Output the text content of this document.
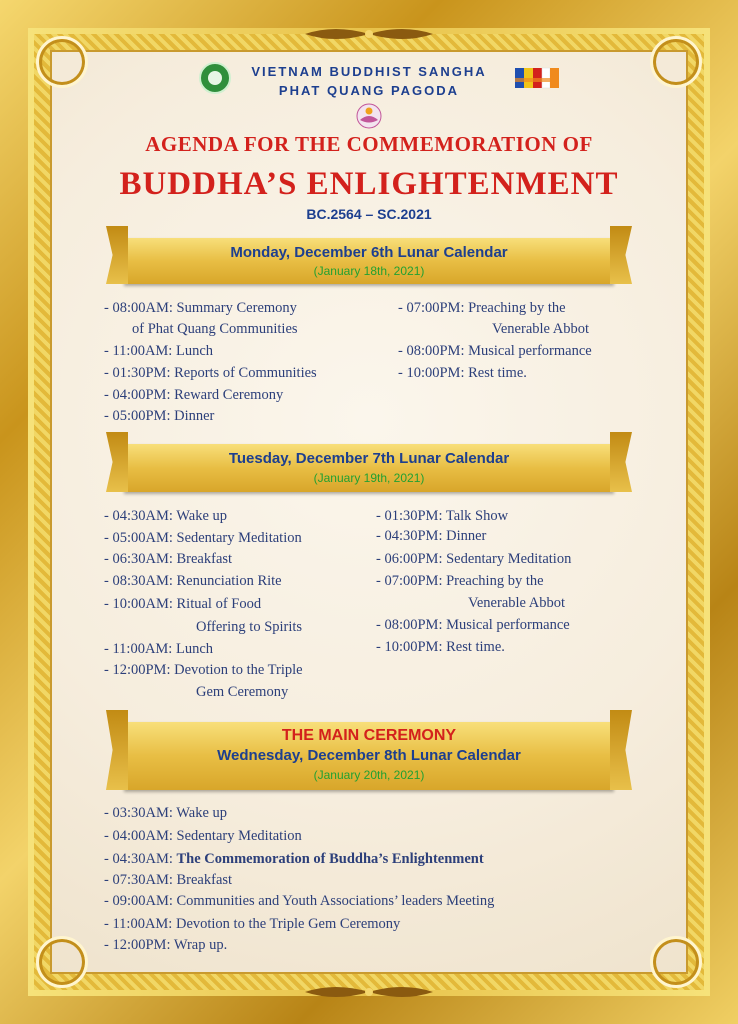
VIETNAM BUDDHIST SANGHA
PHAT QUANG PAGODA
AGENDA FOR THE COMMEMORATION OF
BUDDHA’S ENLIGHTENMENT
BC.2564 – SC.2021
Monday, December 6th Lunar Calendar
(January 18th, 2021)
- 08:00AM: Summary Ceremony
of Phat Quang Communities
- 11:00AM: Lunch
- 01:30PM: Reports of Communities
- 04:00PM: Reward Ceremony
- 05:00PM: Dinner
- 07:00PM: Preaching by the
Venerable Abbot
- 08:00PM: Musical performance
- 10:00PM: Rest time.
Tuesday, December 7th Lunar Calendar
(January 19th, 2021)
- 04:30AM: Wake up
- 05:00AM: Sedentary Meditation
- 06:30AM: Breakfast
- 08:30AM: Renunciation Rite
- 10:00AM: Ritual of Food
Offering to Spirits
- 11:00AM: Lunch
- 12:00PM: Devotion to the Triple
Gem Ceremony
- 01:30PM: Talk Show
- 04:30PM: Dinner
- 06:00PM: Sedentary Meditation
- 07:00PM: Preaching by the
Venerable Abbot
- 08:00PM: Musical performance
- 10:00PM: Rest time.
THE MAIN CEREMONY
Wednesday, December 8th Lunar Calendar
(January 20th, 2021)
- 03:30AM: Wake up
- 04:00AM: Sedentary Meditation
- 04:30AM: The Commemoration of Buddha’s Enlightenment
- 07:30AM: Breakfast
- 09:00AM: Communities and Youth Associations’ leaders Meeting
- 11:00AM: Devotion to the Triple Gem Ceremony
- 12:00PM: Wrap up.
